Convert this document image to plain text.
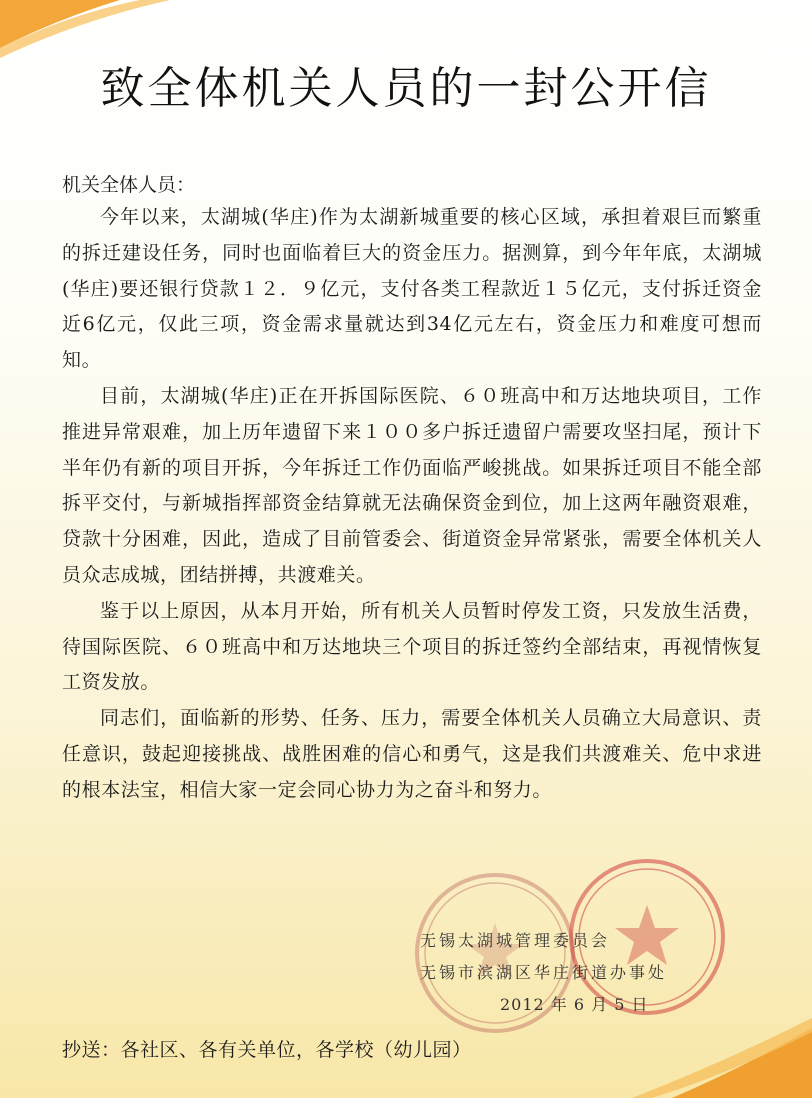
致全体机关人员的一封公开信
机关全体人员：

今年以来，太湖城(华庄)作为太湖新城重要的核心区域，承担着艰巨而繁重的拆迁建设任务，同时也面临着巨大的资金压力。据测算，到今年年底，太湖城(华庄)要还银行贷款１２．９亿元，支付各类工程款近１５亿元，支付拆迁资金近6亿元，仅此三项，资金需求量就达到34亿元左右，资金压力和难度可想而知。

目前，太湖城(华庄)正在开拆国际医院、６０班高中和万达地块项目，工作推进异常艰难，加上历年遗留下来１００多户拆迁遗留户需要攻坚扫尾，预计下半年仍有新的项目开拆，今年拆迁工作仍面临严峻挑战。如果拆迁项目不能全部拆平交付，与新城指挥部资金结算就无法确保资金到位，加上这两年融资艰难，贷款十分困难，因此，造成了目前管委会、街道资金异常紧张，需要全体机关人员众志成城，团结拼搏，共渡难关。

鉴于以上原因，从本月开始，所有机关人员暂时停发工资，只发放生活费，待国际医院、６０班高中和万达地块三个项目的拆迁签约全部结束，再视情恢复工资发放。

同志们，面临新的形势、任务、压力，需要全体机关人员确立大局意识、责任意识，鼓起迎接挑战、战胜困难的信心和勇气，这是我们共渡难关、危中求进的根本法宝，相信大家一定会同心协力为之奋斗和努力。

无锡太湖城管理委员会
无锡市滨湖区华庄街道办事处
2012 年 6 月 5 日
抄送：各社区、各有关单位，各学校（幼儿园）
